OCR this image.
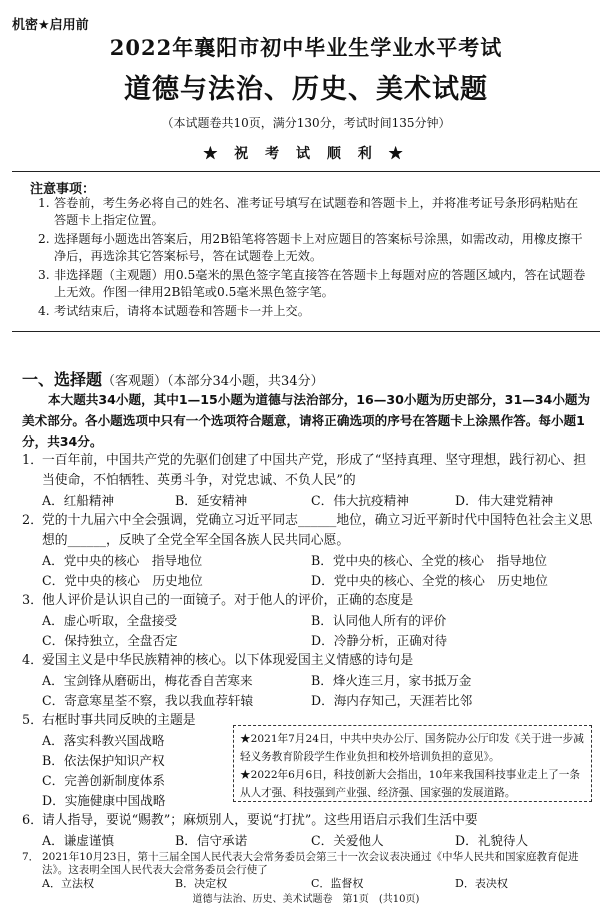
机密★启用前
2022年襄阳市初中毕业生学业水平考试
道德与法治、历史、美术试题
（本试题卷共10页，满分130分，考试时间135分钟）
★ 祝 考 试 顺 利 ★
注意事项：
1. 答卷前，考生务必将自己的姓名、准考证号填写在试题卷和答题卡上，并将准考证号条形码粘贴在答题卡上指定位置。
2. 选择题每小题选出答案后，用2B铅笔将答题卡上对应题目的答案标号涂黑，如需改动，用橡皮擦干净后，再选涂其它答案标号，答在试题卷上无效。
3. 非选择题（主观题）用0.5毫米的黑色签字笔直接答在答题卡上每题对应的答题区域内，答在试题卷上无效。作图一律用2B铅笔或0.5毫米黑色签字笔。
4. 考试结束后，请将本试题卷和答题卡一并上交。
一、选择题（客观题）（本部分34小题，共34分）
本大题共34小题，其中1—15小题为道德与法治部分，16—30小题为历史部分，31—34小题为美术部分。各小题选项中只有一个选项符合题意，请将正确选项的序号在答题卡上涂黑作答。每小题1分，共34分。
1． 一百年前，中国共产党的先驱们创建了中国共产党，形成了“坚持真理、坚守理想，践行初心、担当使命，不怕牺牲、英勇斗争，对党忠诚、不负人民”的
A．红船精神	B．延安精神	C．伟大抗疫精神	D．伟大建党精神
2． 党的十九届六中全会强调，党确立习近平同志______地位，确立习近平新时代中国特色社会主义思想的______，反映了全党全军全国各族人民共同心愿。
A．党中央的核心　指导地位	B．党中央的核心、全党的核心　指导地位
C．党中央的核心　历史地位	D．党中央的核心、全党的核心　历史地位
3． 他人评价是认识自己的一面镜子。对于他人的评价，正确的态度是
A．虚心听取，全盘接受	B．认同他人所有的评价
C．保持独立，全盘否定	D．冷静分析，正确对待
4． 爱国主义是中华民族精神的核心。以下体现爱国主义情感的诗句是
A．宝剑锋从磨砺出，梅花香自苦寒来	B．烽火连三月，家书抵万金
C．寄意寒星荃不察，我以我血荐轩辕	D．海内存知己，天涯若比邻
5． 右框时事共同反映的主题是
A．落实科教兴国战略
B．依法保护知识产权
C．完善创新制度体系
D．实施健康中国战略
★2021年7月24日，中共中央办公厅、国务院办公厅印发《关于进一步减轻义务教育阶段学生作业负担和校外培训负担的意见》。
★2022年6月6日，科技创新大会指出，10年来我国科技事业走上了一条从人才强、科技强到产业强、经济强、国家强的发展道路。
6． 请人指导，要说“赐教”；麻烦别人，要说“打扰”。这些用语启示我们生活中要
A．谦虚谨慎	B．信守承诺	C．关爱他人	D．礼貌待人
7． 2021年10月23日，第十三届全国人民代表大会常务委员会第三十一次会议表决通过《中华人民共和国家庭教育促进法》。这表明全国人民代表大会常务委员会行使了
A．立法权	B．决定权	C．监督权	D．表决权
道德与法治、历史、美术试题卷　第1页　(共10页)
